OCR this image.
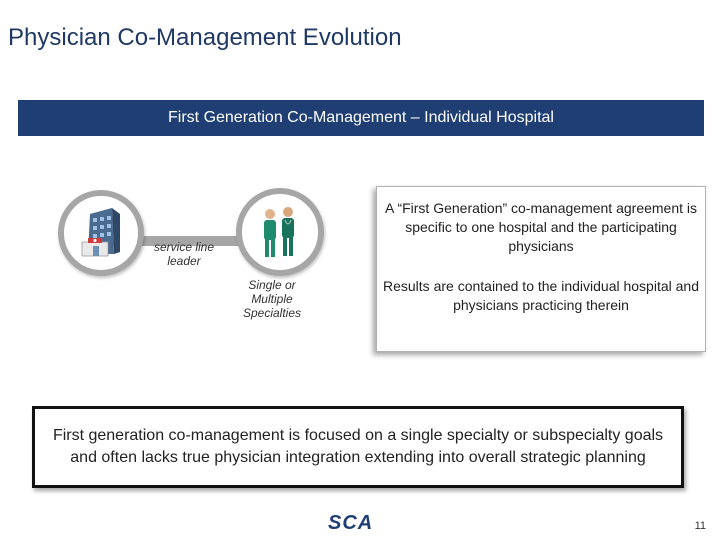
Physician Co-Management Evolution
First Generation Co-Management – Individual Hospital
service line
leader
Single or
Multiple
Specialties
A “First Generation” co-management agreement is specific to one hospital and the participating physicians
Results are contained to the individual hospital and physicians practicing therein
First generation co-management is focused on a single specialty or subspecialty goals and often lacks true physician integration extending into overall strategic planning
SCA	11
